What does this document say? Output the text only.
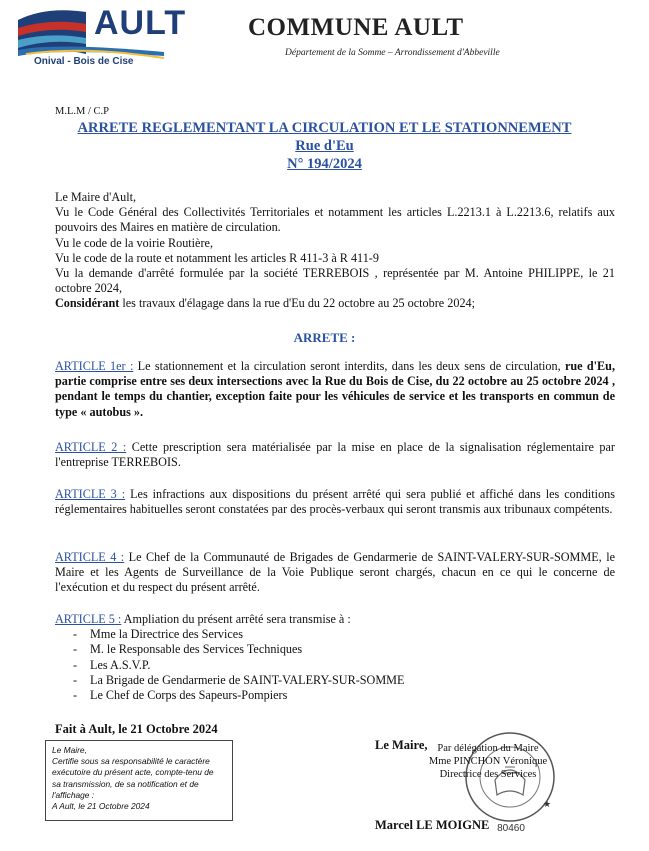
AULT
Onival - Bois de Cise
COMMUNE AULT
Département de la Somme – Arrondissement d'Abbeville
M.L.M / C.P
ARRETE REGLEMENTANT LA CIRCULATION ET LE STATIONNEMENT
Rue d'Eu
N° 194/2024

Le Maire d'Ault,

Vu le Code Général des Collectivités Territoriales et notamment les articles L.2213.1 à L.2213.6, relatifs aux pouvoirs des Maires en matière de circulation.

Vu le code de la voirie Routière,

Vu le code de la route et notamment les articles R 411-3 à R 411-9

Vu la demande d'arrêté formulée par la société TERREBOIS , représentée par M. Antoine PHILIPPE, le 21 octobre 2024,

Considérant les travaux d'élagage dans la rue d'Eu du 22 octobre au 25 octobre 2024;

ARRETE :
ARTICLE 1er : Le stationnement et la circulation seront interdits, dans les deux sens de circulation, rue d'Eu, partie comprise entre ses deux intersections avec la Rue du Bois de Cise, du 22 octobre au 25 octobre 2024 , pendant le temps du chantier, exception faite pour les véhicules de service et les transports en commun de type « autobus ».
ARTICLE 2 : Cette prescription sera matérialisée par la mise en place de la signalisation réglementaire par l'entreprise TERREBOIS.
ARTICLE 3 : Les infractions aux dispositions du présent arrêté qui sera publié et affiché dans les conditions réglementaires habituelles seront constatées par des procès-verbaux qui seront transmis aux tribunaux compétents.
ARTICLE 4 : Le Chef de la Communauté de Brigades de Gendarmerie de SAINT-VALERY-SUR-SOMME, le Maire et les Agents de Surveillance de la Voie Publique seront chargés, chacun en ce qui le concerne de l'exécution et du respect du présent arrêté.
ARTICLE 5 : Ampliation du présent arrêté sera transmise à :
- Mme la Directrice des Services
- M. le Responsable des Services Techniques
- Les A.S.V.P.
- La Brigade de Gendarmerie de SAINT-VALERY-SUR-SOMME
- Le Chef de Corps des Sapeurs-Pompiers
Fait à Ault, le 21 Octobre 2024
Le Maire,
Certifie sous sa responsabilité le caractère
exécutoire du présent acte, compte-tenu de
sa transmission, de sa notification et de
l'affichage :
A Ault, le 21 Octobre 2024	★
80460
Le Maire, Par délégation du Maire
Mme PINCHON Véronique
Directrice des Services
Marcel LE MOIGNE
